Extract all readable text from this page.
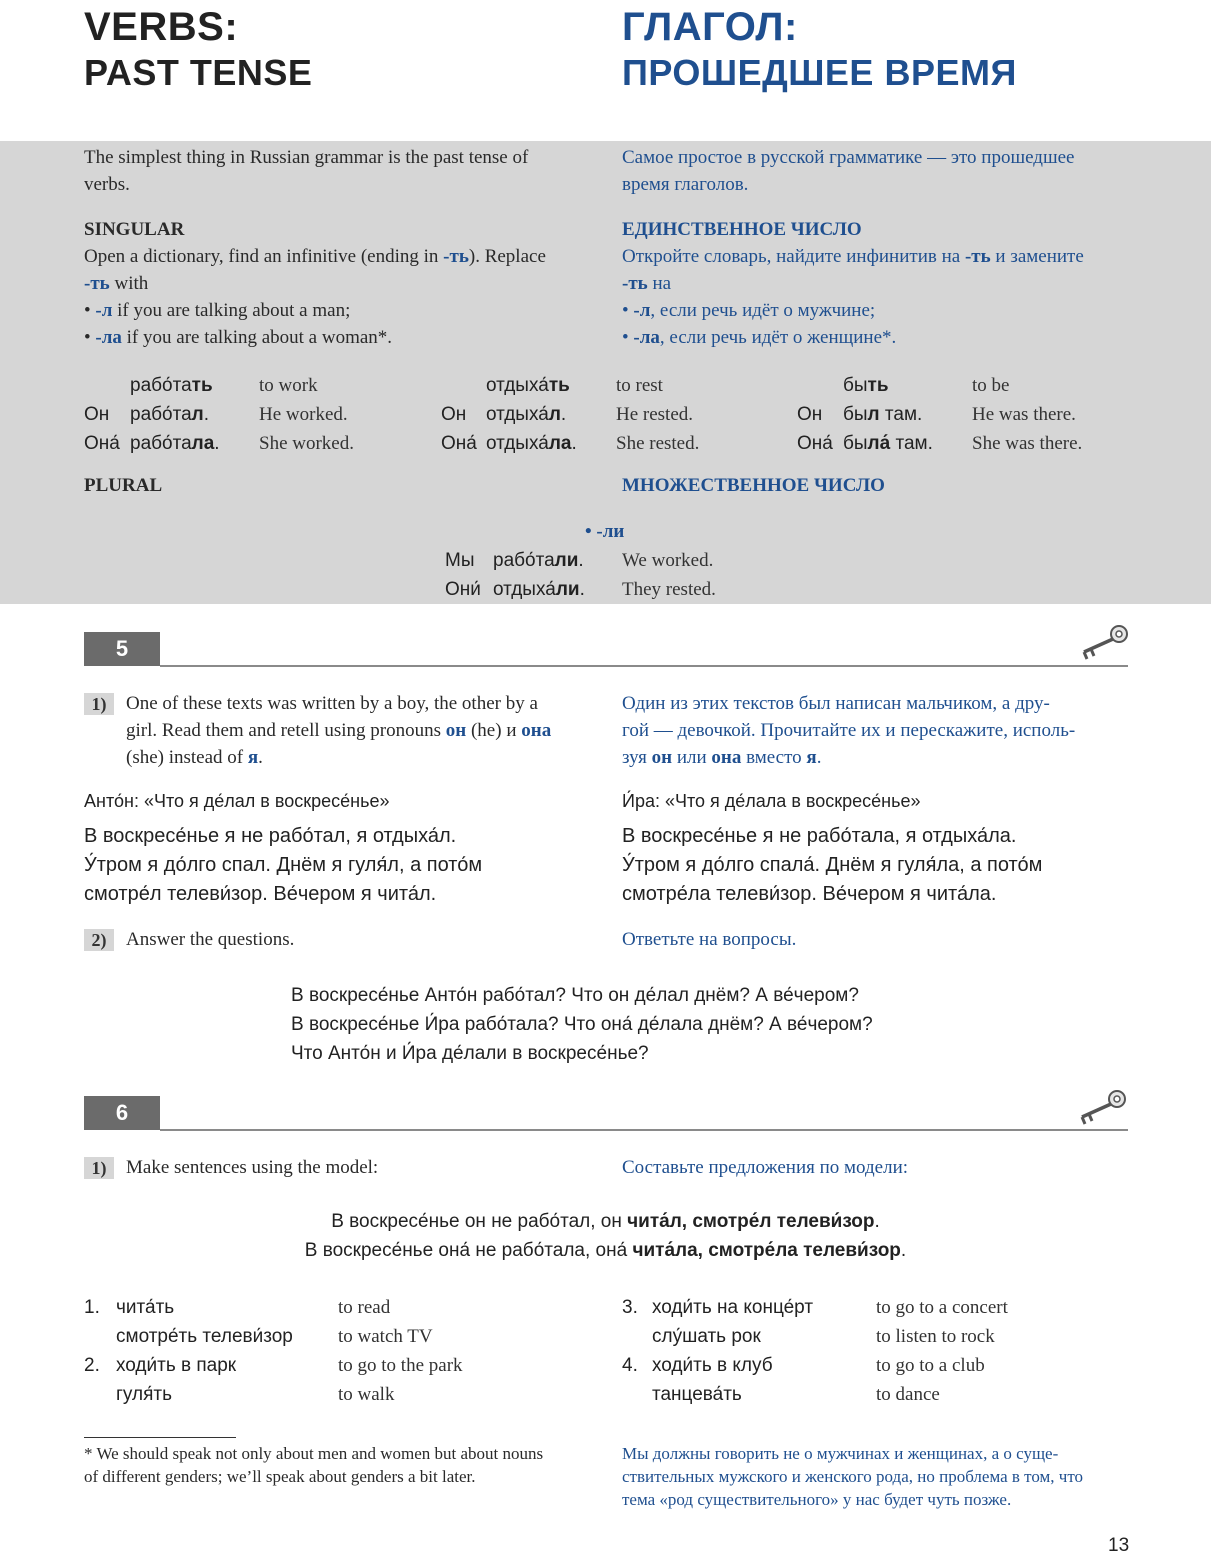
VERBS:
PAST TENSE
ГЛАГОЛ:
ПРОШЕДШЕЕ ВРЕМЯ
The simplest thing in Russian grammar is the past tense of
verbs.
Самое простое в русской грамматике — это прошедшее
время глаголов.
SINGULAR	ЕДИНСТВЕННОЕ ЧИСЛО
Open a dictionary, find an infinitive (ending in -ть). Replace
-ть with
• -л if you are talking about a man;
• -ла if you are talking about a woman*.
Откройте словарь, найдите инфинитив на -ть и замените
-ть на
• -л, если речь идёт о мужчине;
• -ла, если речь идёт о женщине*.
рабо́тать to work
Он рабо́тал.	He worked.
Она́ рабо́тала. She worked.
отдыха́ть to rest
Он отдыха́л.	He rested.
Она́ отдыха́ла. She rested.
быть	to be
Он был там.	He was there.
Она́ была́ там. She was there.
PLURAL	МНОЖЕСТВЕННОЕ ЧИСЛО
• -ли
Мы рабо́тали. We worked.
Они́ отдыха́ли. They rested.
5
1)	One of these texts was written by a boy, the other by a
girl. Read them and retell using pronouns он (he) и она
(she) instead of я.
Один из этих текстов был написан мальчиком, а дру-
гой — девочкой. Прочитайте их и перескажите, исполь-
зуя он или она вместо я.
Анто́н: «Что я де́лал в воскресе́нье»
В воскресе́нье я не рабо́тал, я отдыха́л.
У́тром я до́лго спал. Днём я гуля́л, а пото́м
смотре́л телеви́зор. Ве́чером я чита́л.
И́ра: «Что я де́лала в воскресе́нье»
В воскресе́нье я не рабо́тала, я отдыха́ла.
У́тром я до́лго спала́. Днём я гуля́ла, а пото́м
смотре́ла телеви́зор. Ве́чером я чита́ла.
2)	Answer the questions.	Ответьте на вопросы.
В воскресе́нье Анто́н рабо́тал? Что он де́лал днём? А ве́чером?
В воскресе́нье И́ра рабо́тала? Что она́ де́лала днём? А ве́чером?
Что Анто́н и И́ра де́лали в воскресе́нье?
6
1)	Make sentences using the model:	Составьте предложения по модели:
В воскресе́нье он не рабо́тал, он чита́л, смотре́л телеви́зор.
В воскресе́нье она́ не рабо́тала, она́ чита́ла, смотре́ла телеви́зор.
1. чита́ть	to read
смотре́ть телеви́зор to watch TV
2. ходи́ть в парк	to go to the park
гуля́ть	to walk
3. ходи́ть на конце́рт	to go to a concert
слу́шать рок	to listen to rock
4. ходи́ть в клуб	to go to a club
танцева́ть	to dance
* We should speak not only about men and women but about nouns
of different genders; we’ll speak about genders a bit later.
Мы должны говорить не о мужчинах и женщинах, а о суще-
ствительных мужского и женского рода, но проблема в том, что
тема «род существительного» у нас будет чуть позже.
13
